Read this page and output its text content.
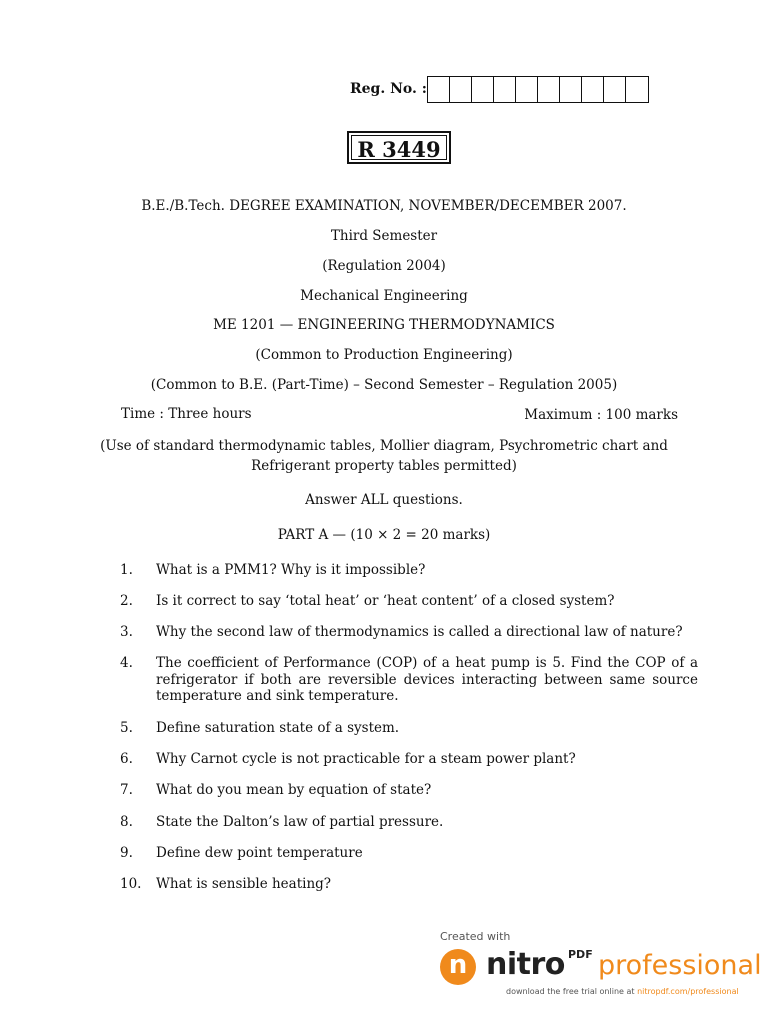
Reg. No. :
R 3449
B.E./B.Tech. DEGREE EXAMINATION, NOVEMBER/DECEMBER 2007.
Third Semester
(Regulation 2004)
Mechanical Engineering
ME 1201 — ENGINEERING THERMODYNAMICS
(Common to Production Engineering)
(Common to B.E. (Part-Time) – Second Semester – Regulation 2005)
Time : Three hours	Maximum : 100 marks
(Use of standard thermodynamic tables, Mollier diagram, Psychrometric chart and
Refrigerant property tables permitted)
Answer ALL questions.
PART A — (10 × 2 = 20 marks)
1.	What is a PMM1? Why is it impossible?
2.	Is it correct to say ‘total heat’ or ‘heat content’ of a closed system?
3.	Why the second law of thermodynamics is called a directional law of nature?
4.	The coefficient of Performance (COP) of a heat pump is 5. Find the COP of a refrigerator if both are reversible devices interacting between same source temperature and sink temperature.
5.	Define saturation state of a system.
6.	Why Carnot cycle is not practicable for a steam power plant?
7.	What do you mean by equation of state?
8.	State the Dalton’s law of partial pressure.
9.	Define dew point temperature
10.	What is sensible heating?
Created with
n nitro PDF professional
download the free trial online at nitropdf.com/professional
